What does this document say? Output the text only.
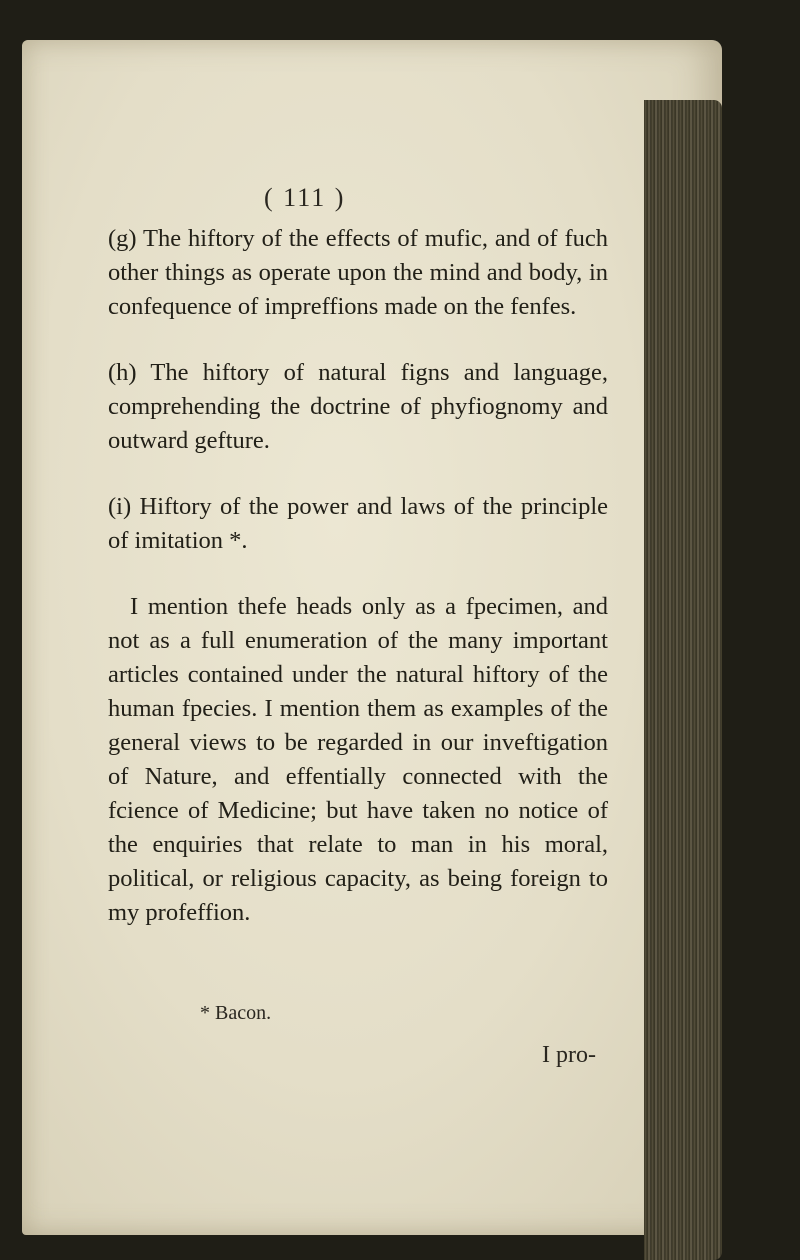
( 111 )

(g) The hiftory of the effects of mufic, and of fuch other things as operate upon the mind and body, in confequence of impreffions made on the fenfes.

(h) The hiftory of natural figns and language, comprehending the doctrine of phyfiognomy and outward gefture.

(i) Hiftory of the power and laws of the principle of imitation *.

I mention thefe heads only as a fpecimen, and not as a full enumeration of the many important articles contained under the natural hiftory of the human fpecies. I mention them as examples of the general views to be regarded in our inveftigation of Nature, and effentially connected with the fcience of Medicine; but have taken no notice of the enquiries that relate to man in his moral, political, or religious capacity, as being foreign to my profeffion.

* Bacon.
I pro-
